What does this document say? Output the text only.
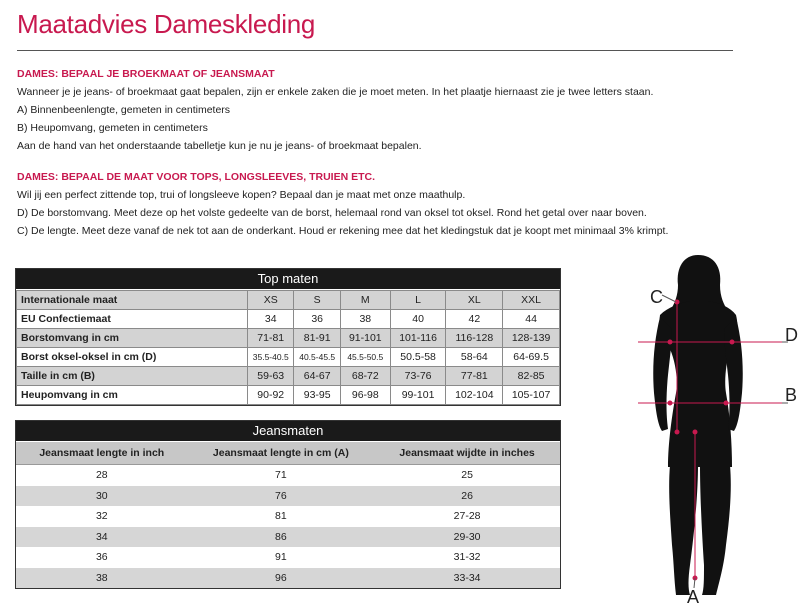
Maatadvies Dameskleding
DAMES: BEPAAL JE BROEKMAAT OF JEANSMAAT

Wanneer je je jeans- of broekmaat gaat bepalen, zijn er enkele zaken die je moet meten. In het plaatje hiernaast zie je twee letters staan.

A) Binnenbeenlengte, gemeten in centimeters

B) Heupomvang, gemeten in centimeters

Aan de hand van het onderstaande tabelletje kun je nu je jeans- of broekmaat bepalen.

DAMES: BEPAAL DE MAAT VOOR TOPS, LONGSLEEVES, TRUIEN ETC.

Wil jij een perfect zittende top, trui of longsleeve kopen? Bepaal dan je maat met onze maathulp.

D) De borstomvang. Meet deze op het volste gedeelte van de borst, helemaal rond van oksel tot oksel. Rond het getal over naar boven.

C) De lengte. Meet deze vanaf de nek tot aan de onderkant. Houd er rekening mee dat het kledingstuk dat je koopt met minimaal 3% krimpt.

Top maten
Internationale maat	XS	S	M	L	XL	XXL
EU Confectiemaat	34	36	38	40	42	44
Borstomvang in cm	71-81	81-91	91-101	101-116	116-128	128-139
Borst oksel-oksel in cm (D)	35.5-40.5	40.5-45.5	45.5-50.5	50.5-58	58-64	64-69.5
Taille in cm (B)	59-63	64-67	68-72	73-76	77-81	82-85
Heupomvang in cm	90-92	93-95	96-98	99-101	102-104	105-107
Jeansmaten
Jeansmaat lengte in inch	Jeansmaat lengte in cm (A)	Jeansmaat wijdte in inches
28	71	25
30	76	26
32	81	27-28
34	86	29-30
36	91	31-32
38	96	33-34
C
D
B
A
